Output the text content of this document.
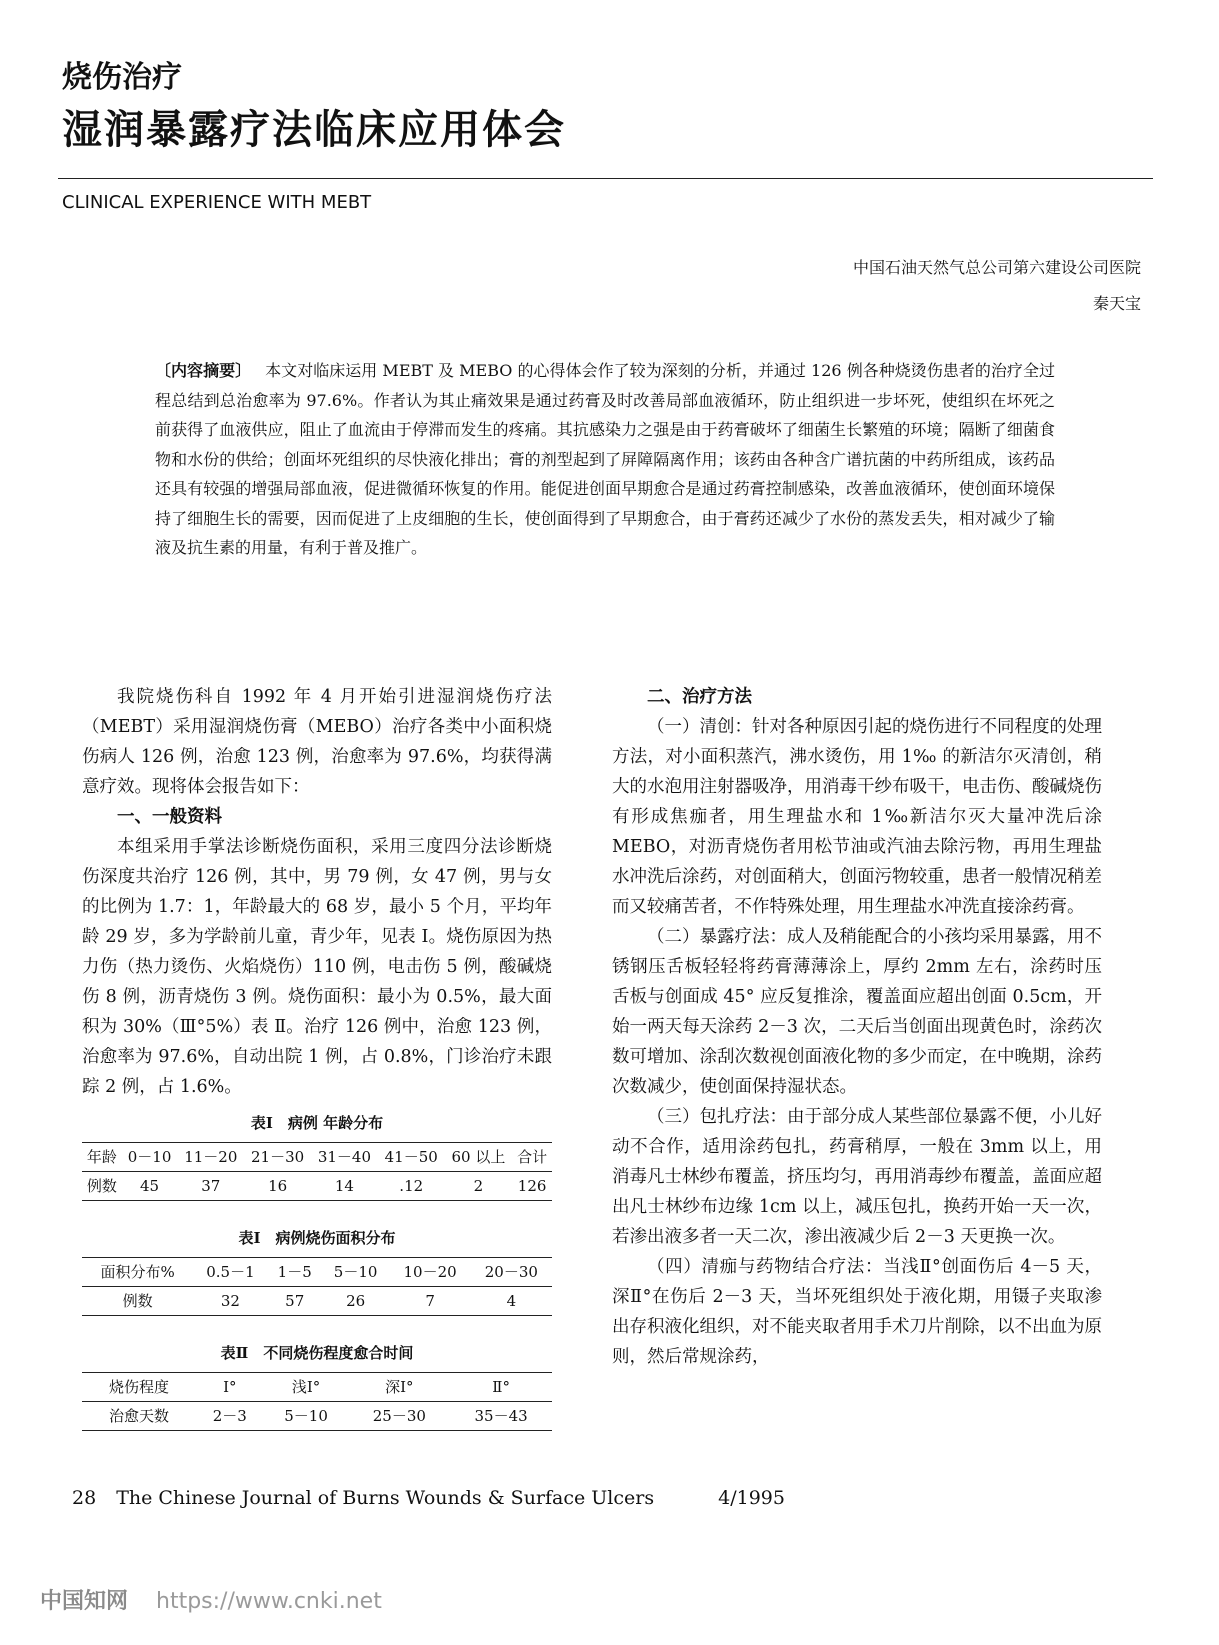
烧伤治疗
湿润暴露疗法临床应用体会
CLINICAL EXPERIENCE WITH MEBT
中国石油天然气总公司第六建设公司医院
秦天宝
〔内容摘要〕 本文对临床运用 MEBT 及 MEBO 的心得体会作了较为深刻的分析，并通过 126 例各种烧烫伤患者的治疗全过程总结到总治愈率为 97.6%。作者认为其止痛效果是通过药膏及时改善局部血液循环，防止组织进一步坏死，使组织在坏死之前获得了血液供应，阻止了血流由于停滞而发生的疼痛。其抗感染力之强是由于药膏破坏了细菌生长繁殖的环境；隔断了细菌食物和水份的供给；创面坏死组织的尽快液化排出；膏的剂型起到了屏障隔离作用；该药由各种含广谱抗菌的中药所组成，该药品还具有较强的增强局部血液，促进微循环恢复的作用。能促进创面早期愈合是通过药膏控制感染，改善血液循环，使创面环境保持了细胞生长的需要，因而促进了上皮细胞的生长，使创面得到了早期愈合，由于膏药还减少了水份的蒸发丢失，相对减少了输液及抗生素的用量，有利于普及推广。

我院烧伤科自 1992 年 4 月开始引进湿润烧伤疗法（MEBT）采用湿润烧伤膏（MEBO）治疗各类中小面积烧伤病人 126 例，治愈 123 例，治愈率为 97.6%，均获得满意疗效。现将体会报告如下：

一、一般资料

本组采用手掌法诊断烧伤面积，采用三度四分法诊断烧伤深度共治疗 126 例，其中，男 79 例，女 47 例，男与女的比例为 1.7：1，年龄最大的 68 岁，最小 5 个月，平均年龄 29 岁，多为学龄前儿童，青少年，见表 Ⅰ。烧伤原因为热力伤（热力烫伤、火焰烧伤）110 例，电击伤 5 例，酸碱烧伤 8 例，沥青烧伤 3 例。烧伤面积：最小为 0.5%，最大面积为 30%（Ⅲ°5%）表 Ⅱ。治疗 126 例中，治愈 123 例，治愈率为 97.6%，自动出院 1 例，占 0.8%，门诊治疗未跟踪 2 例，占 1.6%。

表Ⅰ　病例 年龄分布
年龄	0－10	11－20	21－30	31－40	41－50	60 以上	合计
例数	45	37	16	14	.12	2	126
表Ⅰ　病例烧伤面积分布
面积分布%	0.5－1	1－5	5－10	10－20	20－30
例数	32	57	26	7	4
表Ⅱ　不同烧伤程度愈合时间
烧伤程度	Ⅰ°	浅Ⅰ°	深Ⅰ°	Ⅱ°
治愈天数	2－3	5－10	25－30	35－43
二、治疗方法

（一）清创：针对各种原因引起的烧伤进行不同程度的处理方法，对小面积蒸汽，沸水烫伤，用 1‰ 的新洁尔灭清创，稍大的水泡用注射器吸净，用消毒干纱布吸干，电击伤、酸碱烧伤有形成焦痂者，用生理盐水和 1‰新洁尔灭大量冲洗后涂 MEBO，对沥青烧伤者用松节油或汽油去除污物，再用生理盐水冲洗后涂药，对创面稍大，创面污物较重，患者一般情况稍差而又较痛苦者，不作特殊处理，用生理盐水冲洗直接涂药膏。

（二）暴露疗法：成人及稍能配合的小孩均采用暴露，用不锈钢压舌板轻轻将药膏薄薄涂上，厚约 2mm 左右，涂药时压舌板与创面成 45° 应反复推涂，覆盖面应超出创面 0.5cm，开始一两天每天涂药 2－3 次，二天后当创面出现黄色时，涂药次数可增加、涂刮次数视创面液化物的多少而定，在中晚期，涂药次数减少，使创面保持湿状态。

（三）包扎疗法：由于部分成人某些部位暴露不便，小儿好动不合作，适用涂药包扎，药膏稍厚，一般在 3mm 以上，用消毒凡士林纱布覆盖，挤压均匀，再用消毒纱布覆盖，盖面应超出凡士林纱布边缘 1cm 以上，减压包扎，换药开始一天一次，若渗出液多者一天二次，渗出液减少后 2－3 天更换一次。

（四）清痂与药物结合疗法：当浅Ⅱ°创面伤后 4－5 天，深Ⅱ°在伤后 2－3 天，当坏死组织处于液化期，用镊子夹取渗出存积液化组织，对不能夹取者用手术刀片削除，以不出血为原则，然后常规涂药，

28 The Chinese Journal of Burns Wounds & Surface Ulcers	4/1995
中国知网 https://www.cnki.net
